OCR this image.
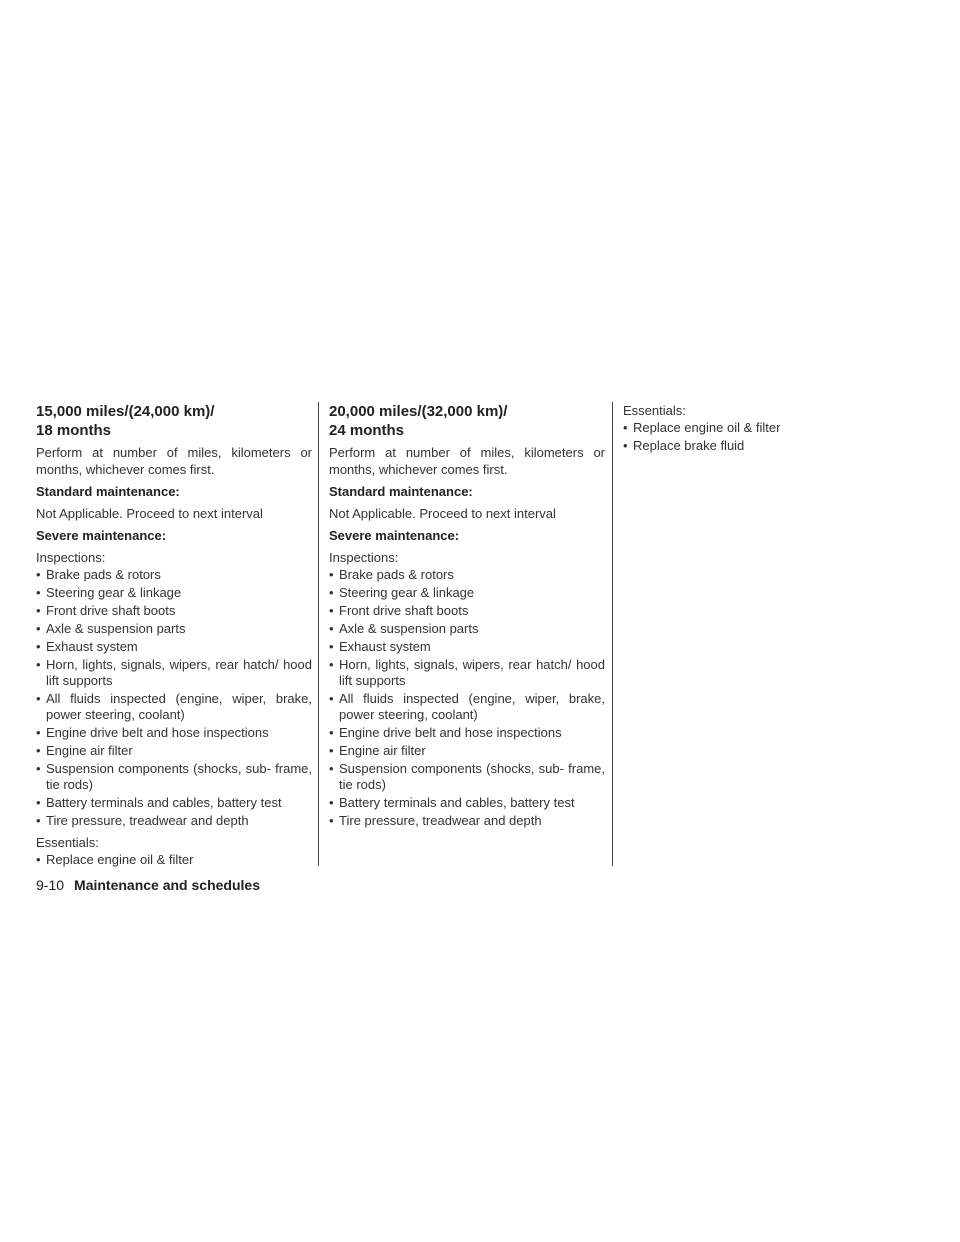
15,000 miles/(24,000 km)/
18 months
Perform at number of miles, kilometers or months, whichever comes first.
Standard maintenance:
Not Applicable. Proceed to next interval
Severe maintenance:
Inspections:
• Brake pads & rotors
• Steering gear & linkage
• Front drive shaft boots
• Axle & suspension parts
• Exhaust system
• Horn, lights, signals, wipers, rear hatch/ hood lift supports
• All fluids inspected (engine, wiper, brake, power steering, coolant)
• Engine drive belt and hose inspections
• Engine air filter
• Suspension components (shocks, sub- frame, tie rods)
• Battery terminals and cables, battery test
• Tire pressure, treadwear and depth
Essentials:
• Replace engine oil & filter
20,000 miles/(32,000 km)/
24 months
Perform at number of miles, kilometers or months, whichever comes first.
Standard maintenance:
Not Applicable. Proceed to next interval
Severe maintenance:
Inspections:
• Brake pads & rotors
• Steering gear & linkage
• Front drive shaft boots
• Axle & suspension parts
• Exhaust system
• Horn, lights, signals, wipers, rear hatch/ hood lift supports
• All fluids inspected (engine, wiper, brake, power steering, coolant)
• Engine drive belt and hose inspections
• Engine air filter
• Suspension components (shocks, sub- frame, tie rods)
• Battery terminals and cables, battery test
• Tire pressure, treadwear and depth
Essentials:
• Replace engine oil & filter
• Replace brake fluid
9-10 Maintenance and schedules
